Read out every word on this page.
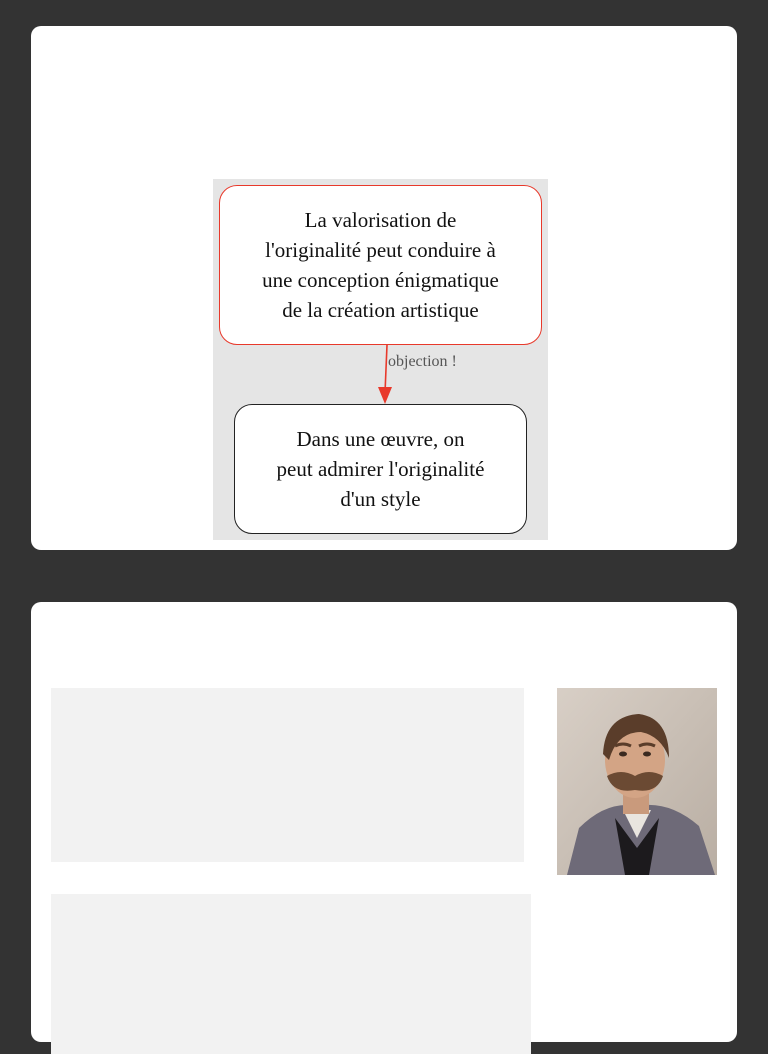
La valorisation de
l'originalité peut conduire à
une conception énigmatique
de la création artistique
objection !
Dans une œuvre, on
peut admirer l'originalité
d'un style
